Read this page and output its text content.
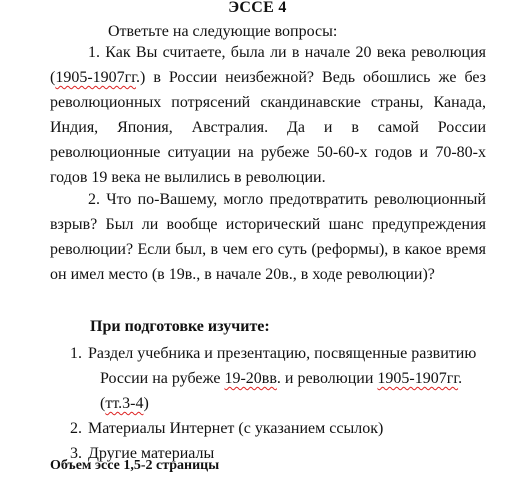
ЭССЕ 4
Ответьте на следующие вопросы:
1. Как Вы считаете, была ли в начале 20 века революция (1905-1907гг.) в России неизбежной? Ведь обошлись же без революционных потрясений скандинавские страны, Канада, Индия, Япония, Австралия. Да и в самой России революционные ситуации на рубеже 50-60-х годов и 70-80-х годов 19 века не вылились в революции.
2. Что по-Вашему, могло предотвратить революционный взрыв? Был ли вообще исторический шанс предупреждения революции? Если был, в чем его суть (реформы), в какое время он имел место (в 19в., в начале 20в., в ходе революции)?
При подготовке изучите:
1. Раздел учебника и презентацию, посвященные развитию
России на рубеже 19-20вв. и революции 1905-1907гг. (тт.3-4)
2. Материалы Интернет (с указанием ссылок)
3. Другие материалы
Объем эссе 1,5-2 страницы
